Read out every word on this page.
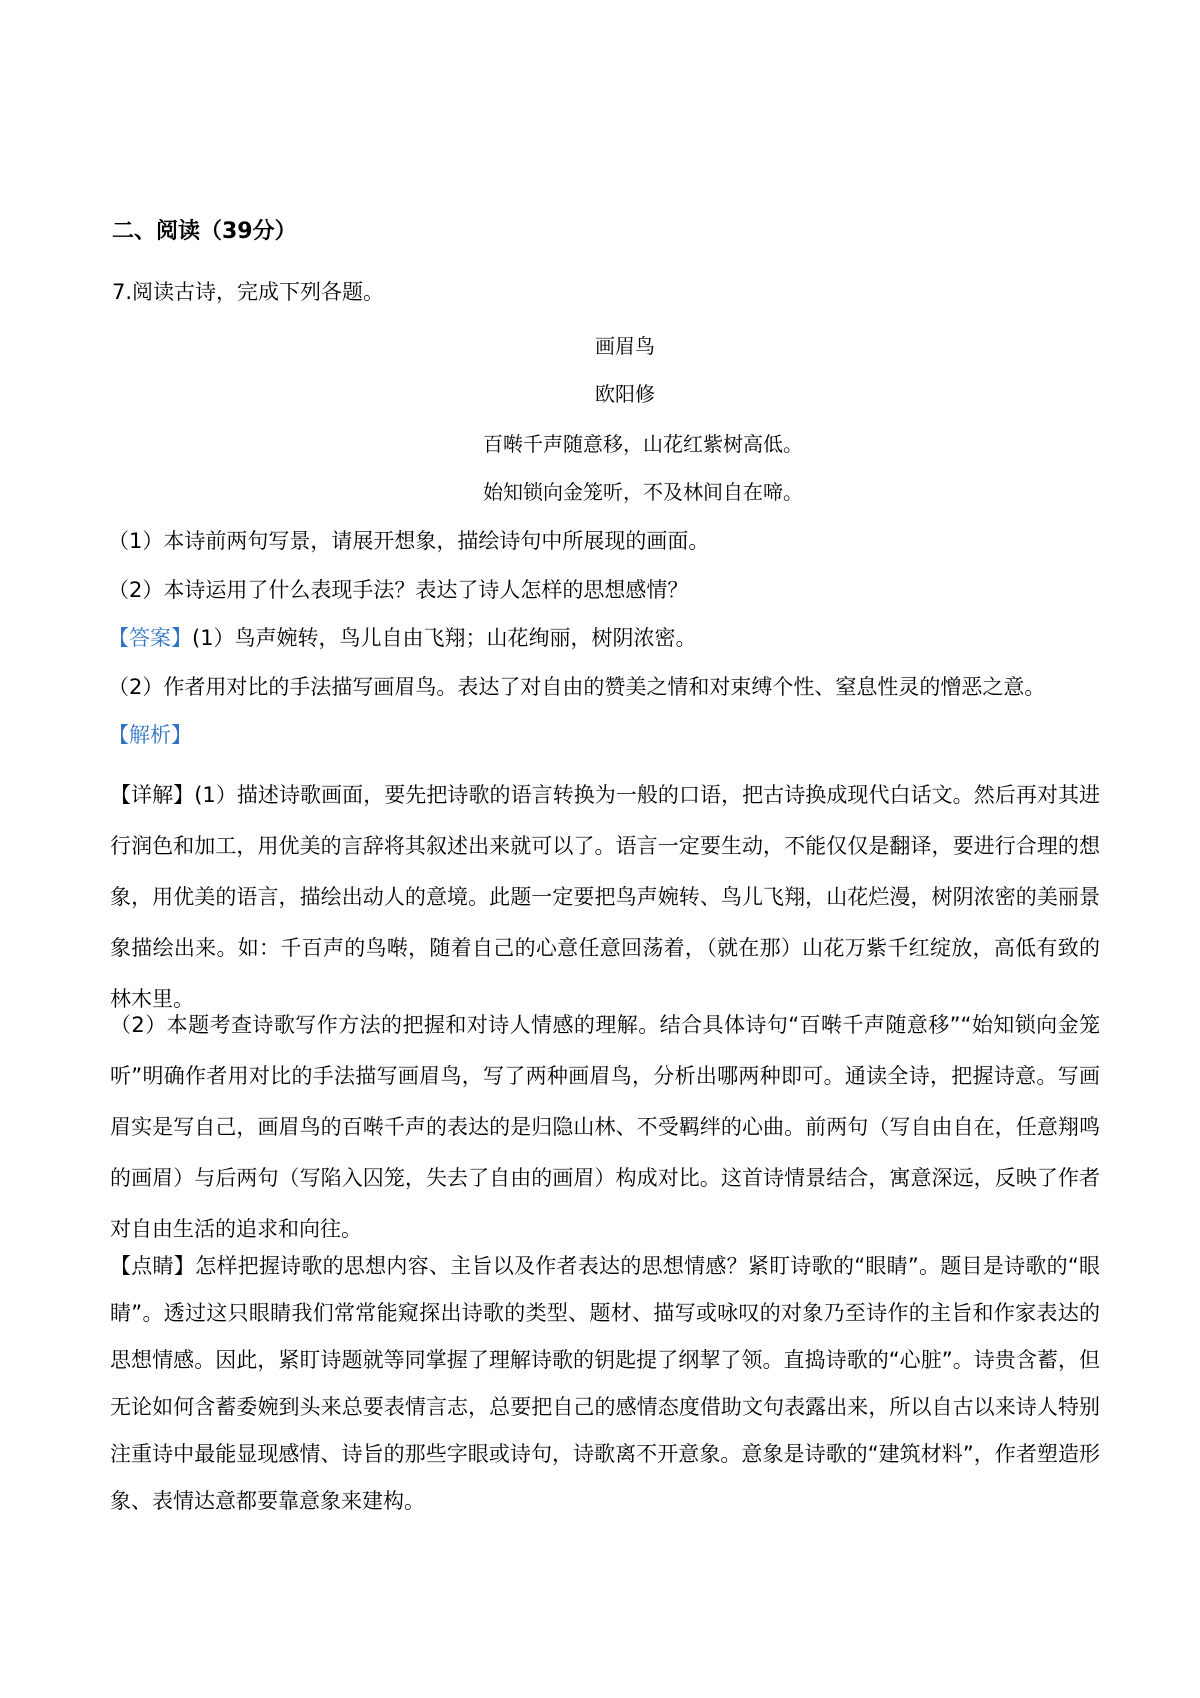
二、阅读（39分）

7.阅读古诗，完成下列各题。

画眉鸟

欧阳修

百啭千声随意移，山花红紫树高低。

始知锁向金笼听，不及林间自在啼。

（1）本诗前两句写景，请展开想象，描绘诗句中所展现的画面。

（2）本诗运用了什么表现手法？表达了诗人怎样的思想感情？

【答案】(1）鸟声婉转，鸟儿自由飞翔；山花绚丽，树阴浓密。

（2）作者用对比的手法描写画眉鸟。表达了对自由的赞美之情和对束缚个性、窒息性灵的憎恶之意。

【解析】

【详解】(1）描述诗歌画面，要先把诗歌的语言转换为一般的口语，把古诗换成现代白话文。然后再对其进行润色和加工，用优美的言辞将其叙述出来就可以了。语言一定要生动，不能仅仅是翻译，要进行合理的想象，用优美的语言，描绘出动人的意境。此题一定要把鸟声婉转、鸟儿飞翔，山花烂漫，树阴浓密的美丽景象描绘出来。如：千百声的鸟啭，随着自己的心意任意回荡着，（就在那）山花万紫千红绽放，高低有致的林木里。

（2）本题考查诗歌写作方法的把握和对诗人情感的理解。结合具体诗句“百啭千声随意移”“始知锁向金笼听”明确作者用对比的手法描写画眉鸟，写了两种画眉鸟，分析出哪两种即可。通读全诗，把握诗意。写画眉实是写自己，画眉鸟的百啭千声的表达的是归隐山林、不受羁绊的心曲。前两句（写自由自在，任意翔鸣的画眉）与后两句（写陷入囚笼，失去了自由的画眉）构成对比。这首诗情景结合，寓意深远，反映了作者对自由生活的追求和向往。

【点睛】怎样把握诗歌的思想内容、主旨以及作者表达的思想情感？紧盯诗歌的“眼睛”。题目是诗歌的“眼睛”。透过这只眼睛我们常常能窥探出诗歌的类型、题材、描写或咏叹的对象乃至诗作的主旨和作家表达的思想情感。因此，紧盯诗题就等同掌握了理解诗歌的钥匙提了纲挈了领。直捣诗歌的“心脏”。诗贵含蓄，但无论如何含蓄委婉到头来总要表情言志，总要把自己的感情态度借助文句表露出来，所以自古以来诗人特别注重诗中最能显现感情、诗旨的那些字眼或诗句，诗歌离不开意象。意象是诗歌的“建筑材料”，作者塑造形象、表情达意都要靠意象来建构。
